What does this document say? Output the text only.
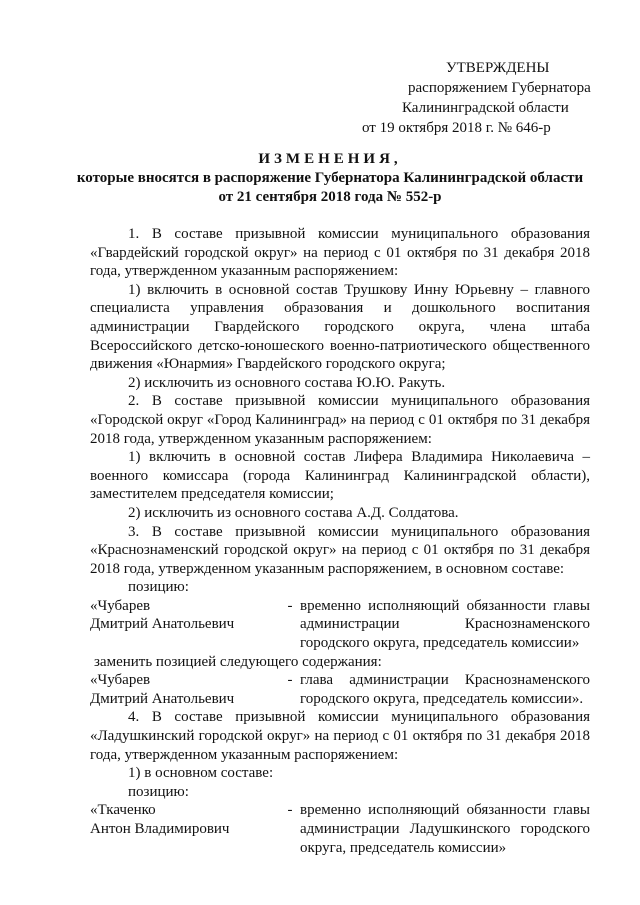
УТВЕРЖДЕНЫ
распоряжением Губернатора
Калининградской области
от 19 октября 2018 г. № 646-р
ИЗМЕНЕНИЯ,
которые вносятся в распоряжение Губернатора Калининградской области
от 21 сентября 2018 года № 552-р
1. В составе призывной комиссии муниципального образования «Гвардейский городской округ» на период с 01 октября по 31 декабря 2018 года, утвержденном указанным распоряжением:
1) включить в основной состав Трушкову Инну Юрьевну – главного специалиста управления образования и дошкольного воспитания администрации Гвардейского городского округа, члена штаба Всероссийского детско-юношеского военно-патриотического общественного движения «Юнармия» Гвардейского городского округа;
2) исключить из основного состава Ю.Ю. Ракуть.
2. В составе призывной комиссии муниципального образования «Городской округ «Город Калининград» на период с 01 октября по 31 декабря 2018 года, утвержденном указанным распоряжением:
1) включить в основной состав Лифера Владимира Николаевича – военного комиссара (города Калининград Калининградской области), заместителем председателя комиссии;
2) исключить из основного состава А.Д. Солдатова.
3. В составе призывной комиссии муниципального образования «Краснознаменский городской округ» на период с 01 октября по 31 декабря 2018 года, утвержденном указанным распоряжением, в основном составе:
позицию:
«Чубарев
Дмитрий Анатольевич
- временно исполняющий обязанности главы администрации Краснознаменского городского округа, председатель комиссии»
заменить позицией следующего содержания:
«Чубарев
Дмитрий Анатольевич
- глава администрации Краснознаменского городского округа, председатель комиссии».
4. В составе призывной комиссии муниципального образования «Ладушкинский городской округ» на период с 01 октября по 31 декабря 2018 года, утвержденном указанным распоряжением:
1) в основном составе:
позицию:
«Ткаченко
Антон Владимирович
- временно исполняющий обязанности главы администрации Ладушкинского городского округа, председатель комиссии»
